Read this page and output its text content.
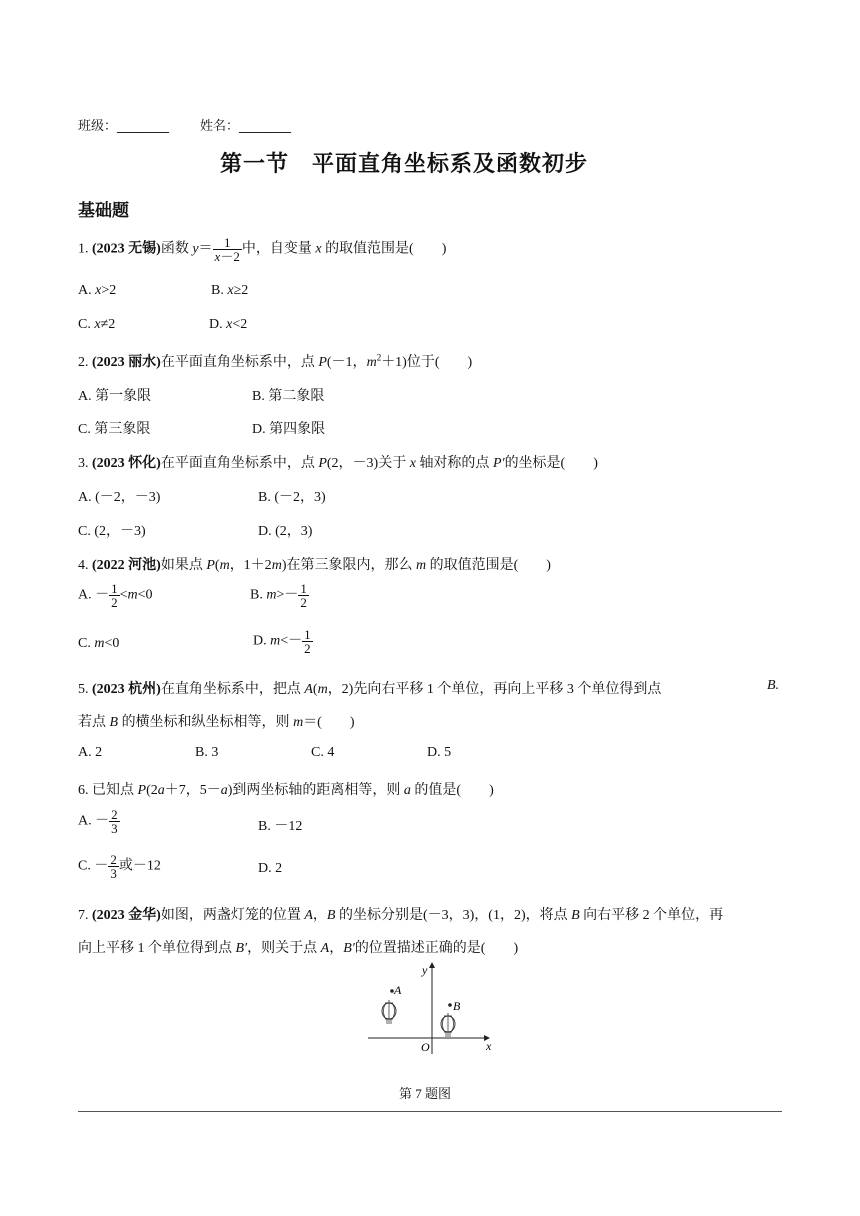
班级：________ 姓名：________
第一节　平面直角坐标系及函数初步
基础题
1. (2023 无锡)函数 $y= \frac{1}{x-2}$ 中，自变量 x 的取值范围是(　　)
A. x>2	B. x≥2
C. x≠2	D. x<2
2. (2023 丽水)在平面直角坐标系中，点 P(－1，$m^2+1$)位于(　　)
A. 第一象限	B. 第二象限
C. 第三象限	D. 第四象限
3. (2023 怀化)在平面直角坐标系中，点 P(2，－3)关于 x 轴对称的点 P′的坐标是(　　)
A. (－2，－3)	B. (－2，3)
C. (2，－3)	D. (2，3)
4. (2022 河池)如果点 P(m，1＋2m)在第三象限内，那么 m 的取值范围是(　　)
A. － $\frac{1}{2} <m<0$	B. $m>- \frac{1}{2}$
C. m<0	D. $m<- \frac{1}{2}$
5. (2023 杭州)在直角坐标系中，把点 A(m，2)先向右平移 1 个单位，再向上平移 3 个单位得到点	B.
若点 B 的横坐标和纵坐标相等，则 m＝(　　)
A. 2	B. 3	C. 4	D. 5
6. 已知点 P(2a＋7，5－a)到两坐标轴的距离相等，则 a 的值是(　　)
A. － $\frac{2}{3}$	B. －12
C. － $\frac{2}{3}$ 或－12	D. 2
7. (2023 金华)如图，两盏灯笼的位置 A，B 的坐标分别是(－3，3)，(1，2)，将点 B 向右平移 2 个单位，再
向上平移 1 个单位得到点 B′，则关于点 A，B′的位置描述正确的是(　　)
x
y
O
A
B
第 7 题图
